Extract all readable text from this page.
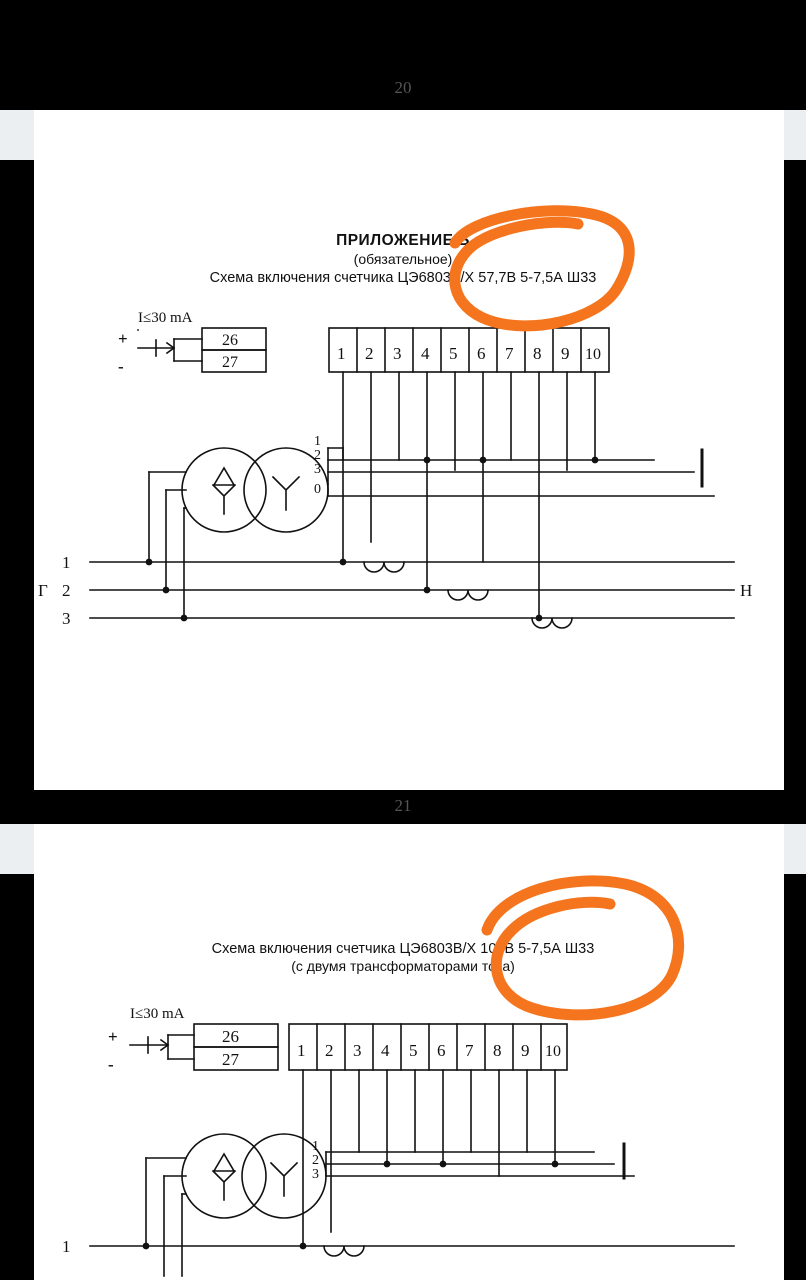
20
ПРИЛОЖЕНИЕ Б
(обязательное)
Схема включения счетчика ЦЭ6803В/Х 57,7В 5-7,5А Ш33
I≤30 mA
+
-
26
27	1 2 3 4 5 6 7 8 9 10
1
2
3
0
1
2
3
Г	Н
21
Схема включения счетчика ЦЭ6803В/Х 100В 5-7,5А Ш33
(с двумя трансформаторами тока)
I≤30 mA
+
-
26
27	1 2 3 4 5 6 7 8 9 10
1
2
3
1
